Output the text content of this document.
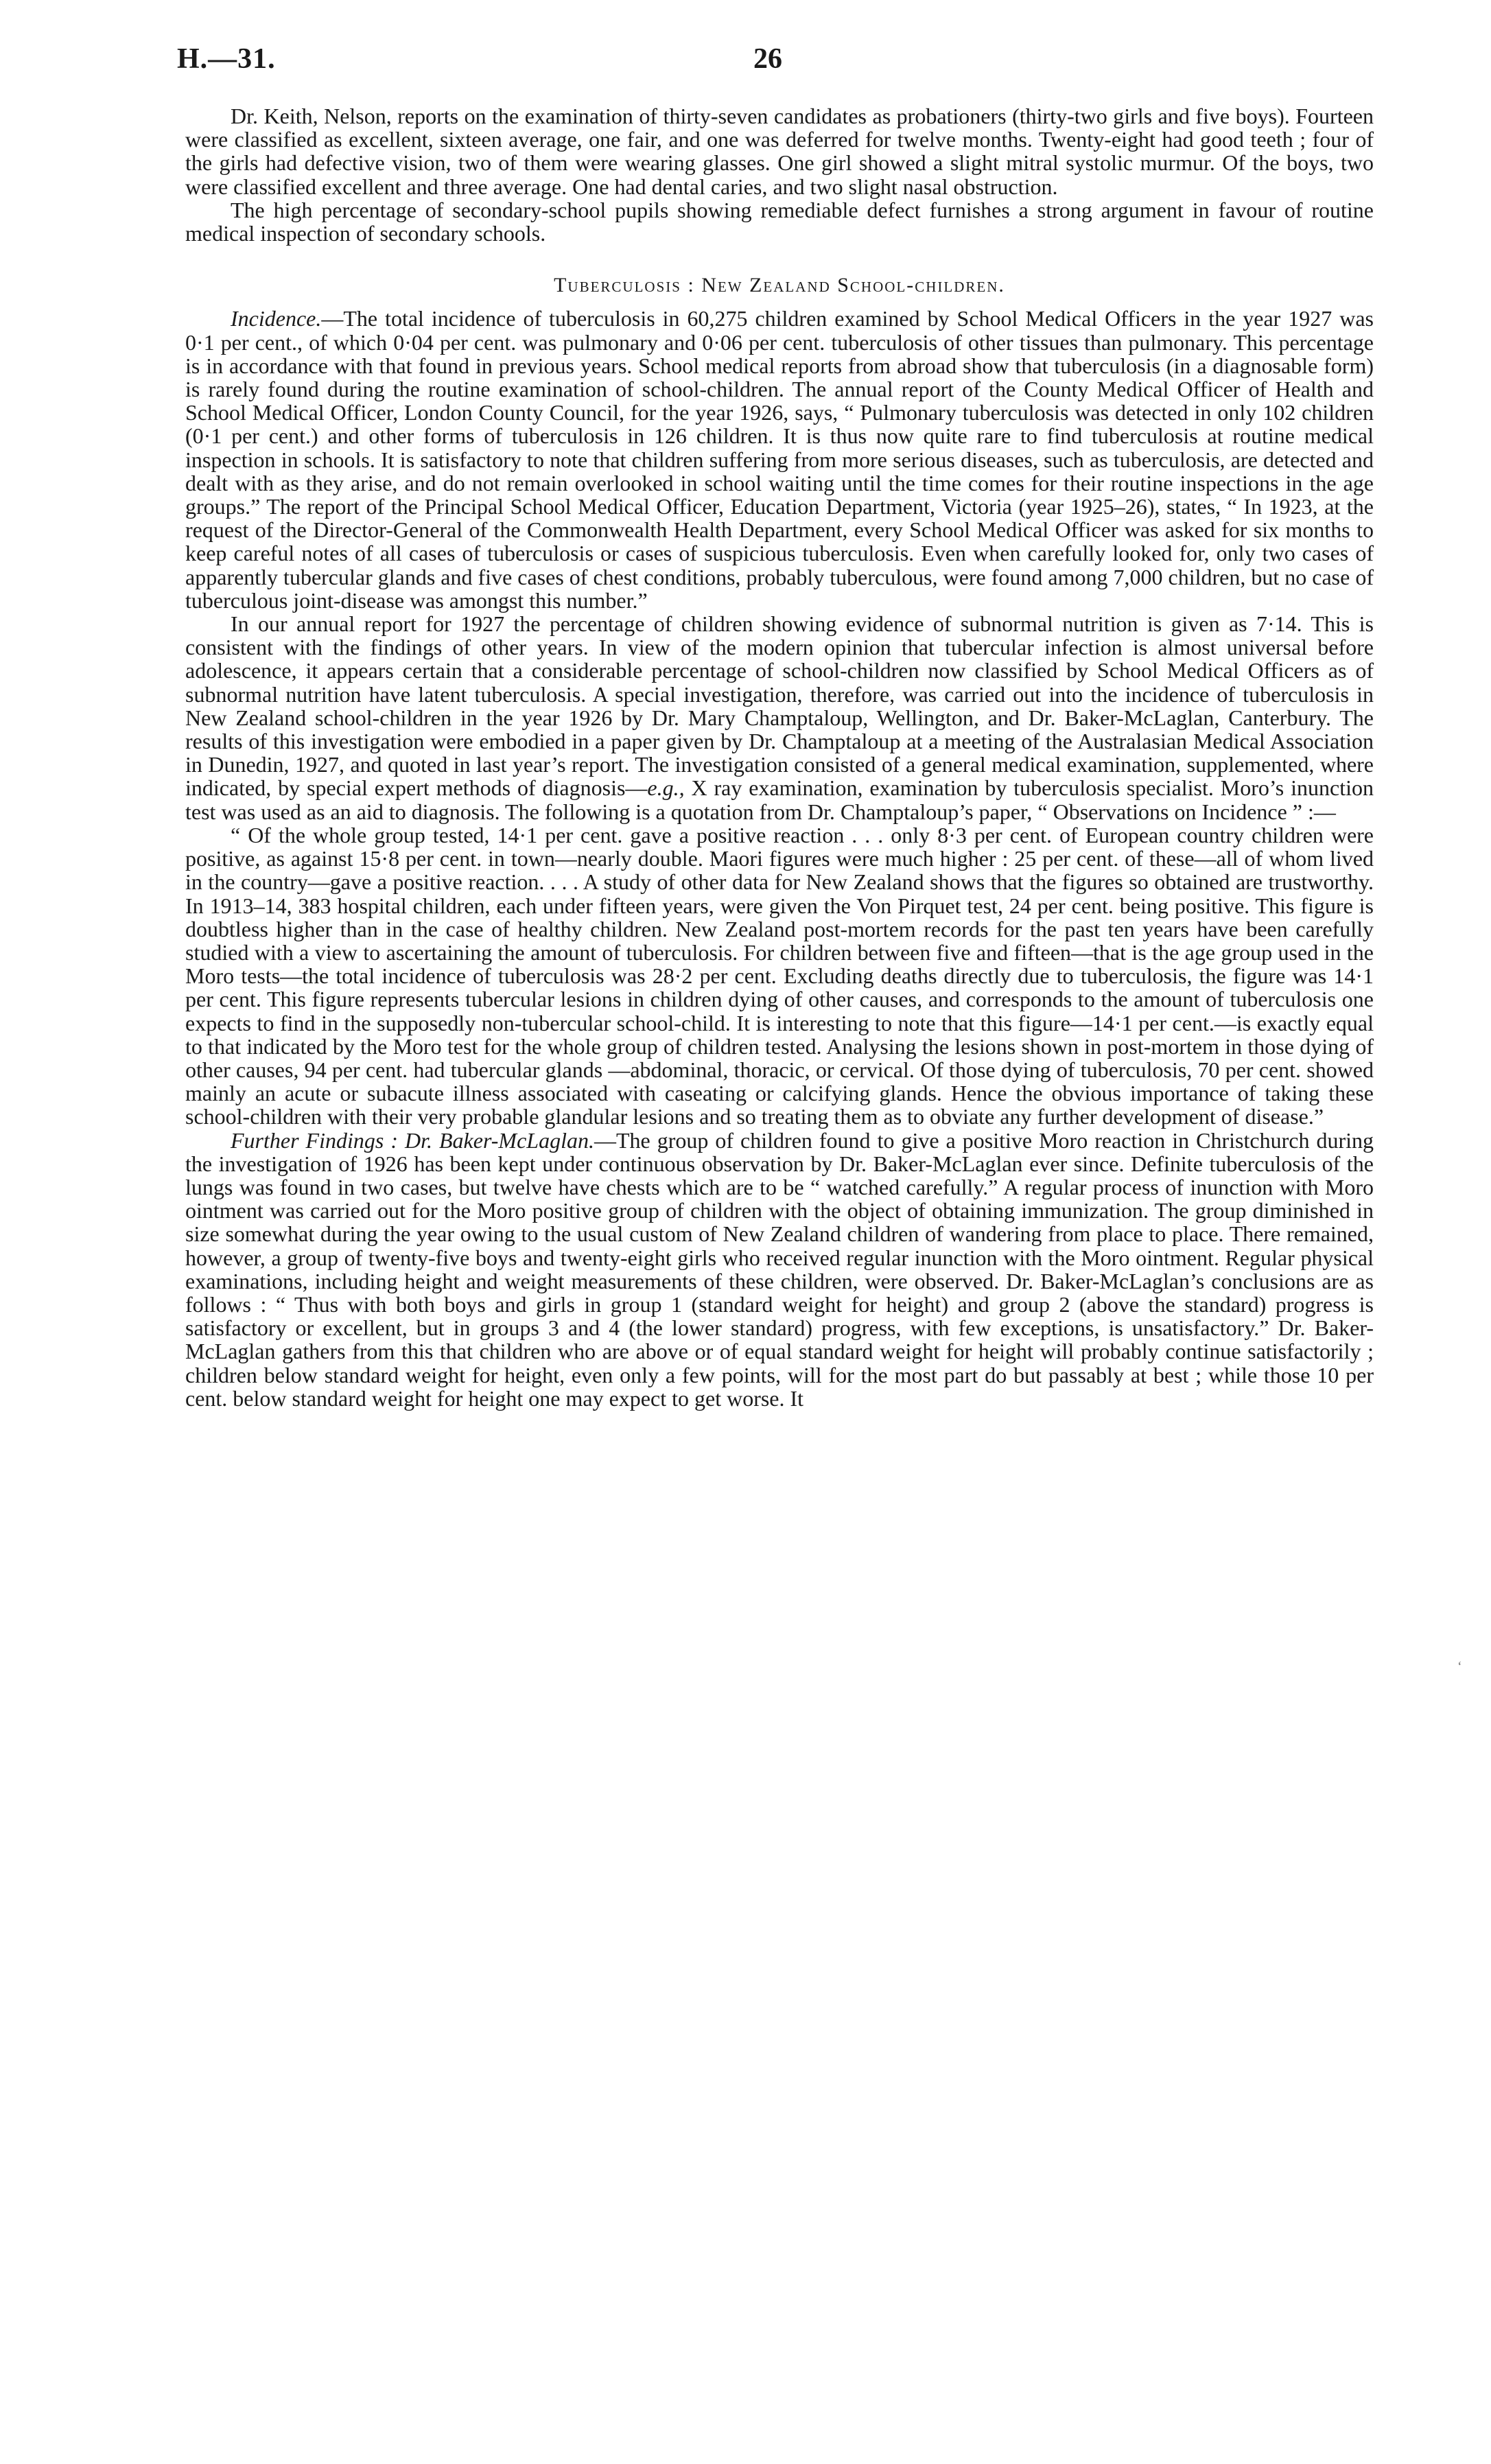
H.—31.	26

Dr. Keith, Nelson, reports on the examination of thirty-seven candidates as probationers (thirty-two girls and five boys). Fourteen were classified as excellent, sixteen average, one fair, and one was deferred for twelve months. Twenty-eight had good teeth ; four of the girls had defective vision, two of them were wearing glasses. One girl showed a slight mitral systolic murmur. Of the boys, two were classified excellent and three average. One had dental caries, and two slight nasal obstruction.

The high percentage of secondary-school pupils showing remediable defect furnishes a strong argument in favour of routine medical inspection of secondary schools.

Tuberculosis : New Zealand School-children.

Incidence.—The total incidence of tuberculosis in 60,275 children examined by School Medical Officers in the year 1927 was 0·1 per cent., of which 0·04 per cent. was pulmonary and 0·06 per cent. tuberculosis of other tissues than pulmonary. This percentage is in accordance with that found in previous years. School medical reports from abroad show that tuberculosis (in a diagnosable form) is rarely found during the routine examination of school-children. The annual report of the County Medical Officer of Health and School Medical Officer, London County Council, for the year 1926, says, “ Pulmonary tuberculosis was detected in only 102 children (0·1 per cent.) and other forms of tuberculosis in 126 children. It is thus now quite rare to find tuberculosis at routine medical inspection in schools. It is satisfactory to note that children suffering from more serious diseases, such as tuberculosis, are detected and dealt with as they arise, and do not remain overlooked in school waiting until the time comes for their routine inspections in the age groups.” The report of the Principal School Medical Officer, Education Department, Victoria (year 1925–26), states, “ In 1923, at the request of the Director-General of the Commonwealth Health Department, every School Medical Officer was asked for six months to keep careful notes of all cases of tuberculosis or cases of suspicious tuberculosis. Even when carefully looked for, only two cases of apparently tubercular glands and five cases of chest conditions, probably tuberculous, were found among 7,000 children, but no case of tuberculous joint-disease was amongst this number.”

In our annual report for 1927 the percentage of children showing evidence of subnormal nutrition is given as 7·14. This is consistent with the findings of other years. In view of the modern opinion that tubercular infection is almost universal before adolescence, it appears certain that a considerable percentage of school-children now classified by School Medical Officers as of subnormal nutrition have latent tuberculosis. A special investigation, therefore, was carried out into the incidence of tuberculosis in New Zealand school-children in the year 1926 by Dr. Mary Champtaloup, Wellington, and Dr. Baker-McLaglan, Canterbury. The results of this investigation were embodied in a paper given by Dr. Champtaloup at a meeting of the Australasian Medical Association in Dunedin, 1927, and quoted in last year’s report. The investigation consisted of a general medical examination, supplemented, where indicated, by special expert methods of diagnosis—e.g., X ray examination, examination by tuberculosis specialist. Moro’s inunction test was used as an aid to diagnosis. The following is a quotation from Dr. Champtaloup’s paper, “ Observations on Incidence ” :—

“ Of the whole group tested, 14·1 per cent. gave a positive reaction . . . only 8·3 per cent. of European country children were positive, as against 15·8 per cent. in town—nearly double. Maori figures were much higher : 25 per cent. of these—all of whom lived in the country—gave a positive reaction. . . . A study of other data for New Zealand shows that the figures so obtained are trustworthy. In 1913–14, 383 hospital children, each under fifteen years, were given the Von Pirquet test, 24 per cent. being positive. This figure is doubtless higher than in the case of healthy children. New Zealand post-mortem records for the past ten years have been carefully studied with a view to ascertaining the amount of tuberculosis. For children between five and fifteen—that is the age group used in the Moro tests—the total incidence of tuberculosis was 28·2 per cent. Excluding deaths directly due to tuberculosis, the figure was 14·1 per cent. This figure represents tubercular lesions in children dying of other causes, and corresponds to the amount of tuberculosis one expects to find in the supposedly non-tubercular school-child. It is interesting to note that this figure—14·1 per cent.—is exactly equal to that indicated by the Moro test for the whole group of children tested. Analysing the lesions shown in post-mortem in those dying of other causes, 94 per cent. had tubercular glands —abdominal, thoracic, or cervical. Of those dying of tuberculosis, 70 per cent. showed mainly an acute or subacute illness associated with caseating or calcifying glands. Hence the obvious importance of taking these school-children with their very probable glandular lesions and so treating them as to obviate any further development of disease.”

Further Findings : Dr. Baker-McLaglan.—The group of children found to give a positive Moro reaction in Christchurch during the investigation of 1926 has been kept under continuous observation by Dr. Baker-McLaglan ever since. Definite tuberculosis of the lungs was found in two cases, but twelve have chests which are to be “ watched carefully.” A regular process of inunction with Moro ointment was carried out for the Moro positive group of children with the object of obtaining immunization. The group diminished in size somewhat during the year owing to the usual custom of New Zealand children of wandering from place to place. There remained, however, a group of twenty-five boys and twenty-eight girls who received regular inunction with the Moro ointment. Regular physical examinations, including height and weight measurements of these children, were observed. Dr. Baker-McLaglan’s conclusions are as follows : “ Thus with both boys and girls in group 1 (standard weight for height) and group 2 (above the standard) progress is satisfactory or excellent, but in groups 3 and 4 (the lower standard) progress, with few exceptions, is unsatisfactory.” Dr. Baker-McLaglan gathers from this that children who are above or of equal standard weight for height will probably continue satisfactorily ; children below standard weight for height, even only a few points, will for the most part do but passably at best ; while those 10 per cent. below standard weight for height one may expect to get worse. It

‘
